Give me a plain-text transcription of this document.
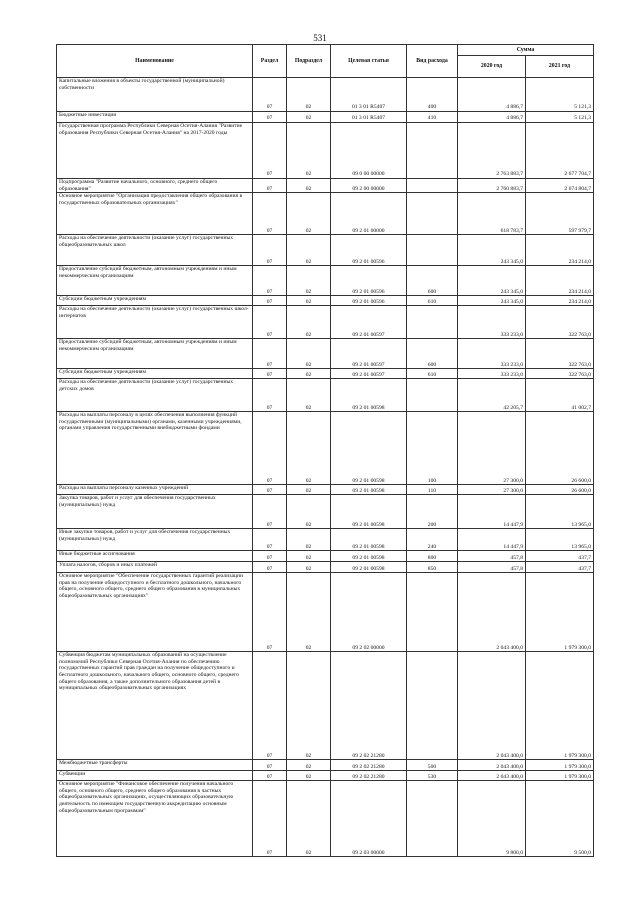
531
Наименование	Раздел	Подраздел	Целевая статья	Вид расхода	Сумма	
					2020 год	2021 год
Капитальные вложения в объекты государственной (муниципальной) собственности	07	02	01 3 01 R5407	400	4 886,7	5 121,3
Бюджетные инвестиции	07	02	01 3 01 R5407	410	4 886,7	5 121,3
Государственная программа Республики Северная Осетия-Алания "Развитие образования Республики Северная Осетия-Алания" на 2017-2020 годы	07	02	09 0 00 00000		2 763 883,7	2 677 704,7
Подпрограмма "Развитие начального, основного, среднего общего образования"	07	02	09 2 00 00000		2 760 883,7	2 674 804,7
Основное мероприятие "Организация предоставления общего образования в государственных образовательных организациях"	07	02	09 2 01 00000		618 783,7	597 979,7
Расходы на обеспечение деятельности (оказание услуг) государственных общеобразовательных школ	07	02	09 2 01 00596		243 345,0	234 214,0
Предоставление субсидий бюджетным, автономным учреждениям и иным некоммерческим организациям	07	02	09 2 01 00596	600	243 345,0	234 214,0
Субсидии бюджетным учреждениям	07	02	09 2 01 00596	610	243 345,0	234 214,0
Расходы на обеспечение деятельности (оказание услуг) государственных школ-интернатов	07	02	09 2 01 00597		333 233,0	322 763,0
Предоставление субсидий бюджетным, автономным учреждениям и иным некоммерческим организациям	07	02	09 2 01 00597	600	333 233,0	322 763,0
Субсидии бюджетным учреждениям	07	02	09 2 01 00597	610	333 233,0	322 763,0
Расходы на обеспечение деятельности (оказание услуг) государственных детских домов	07	02	09 2 01 00598		42 205,7	41 002,7
Расходы на выплаты персоналу в целях обеспечения выполнения функций государственными (муниципальными) органами, казенными учреждениями, органами управления государственными внебюджетными фондами	07	02	09 2 01 00598	100	27 300,0	26 600,0
Расходы на выплаты персоналу казенных учреждений	07	02	09 2 01 00598	110	27 300,0	26 600,0
Закупка товаров, работ и услуг для обеспечения государственных (муниципальных) нужд	07	02	09 2 01 00598	200	14 447,9	13 965,0
Иные закупки товаров, работ и услуг для обеспечения государственных (муниципальных) нужд	07	02	09 2 01 00598	240	14 447,9	13 965,0
Иные бюджетные ассигнования	07	02	09 2 01 00598	800	457,8	437,7
Уплата налогов, сборов и иных платежей	07	02	09 2 01 00598	850	457,8	437,7
Основное мероприятие "Обеспечение государственных гарантий реализации прав на получение общедоступного и бесплатного дошкольного, начального общего, основного общего, среднего общего образования в муниципальных общеобразовательных организациях"	07	02	09 2 02 00000		2 043 400,0	1 979 300,0
Субвенция бюджетам муниципальных образований на осуществление полномочий Республики Северная Осетия-Алания по обеспечению государственных гарантий прав граждан на получение общедоступного и бесплатного дошкольного, начального общего, основного общего, среднего общего образования, а также дополнительного образования детей в муниципальных общеобразовательных организациях	07	02	09 2 02 21280		2 043 400,0	1 979 300,0
Межбюджетные трансферты	07	02	09 2 02 21280	500	2 043 400,0	1 979 300,0
Субвенции	07	02	09 2 02 21280	530	2 043 400,0	1 979 300,0
Основное мероприятие "Финансовое обеспечение получения начального общего, основного общего, среднего общего образования в частных общеобразовательных организациях, осуществляющих образовательную деятельность по имеющим государственную аккредитацию основным общеобразовательным программам"	07	02	09 2 03 00000		9 800,0	9 500,0
